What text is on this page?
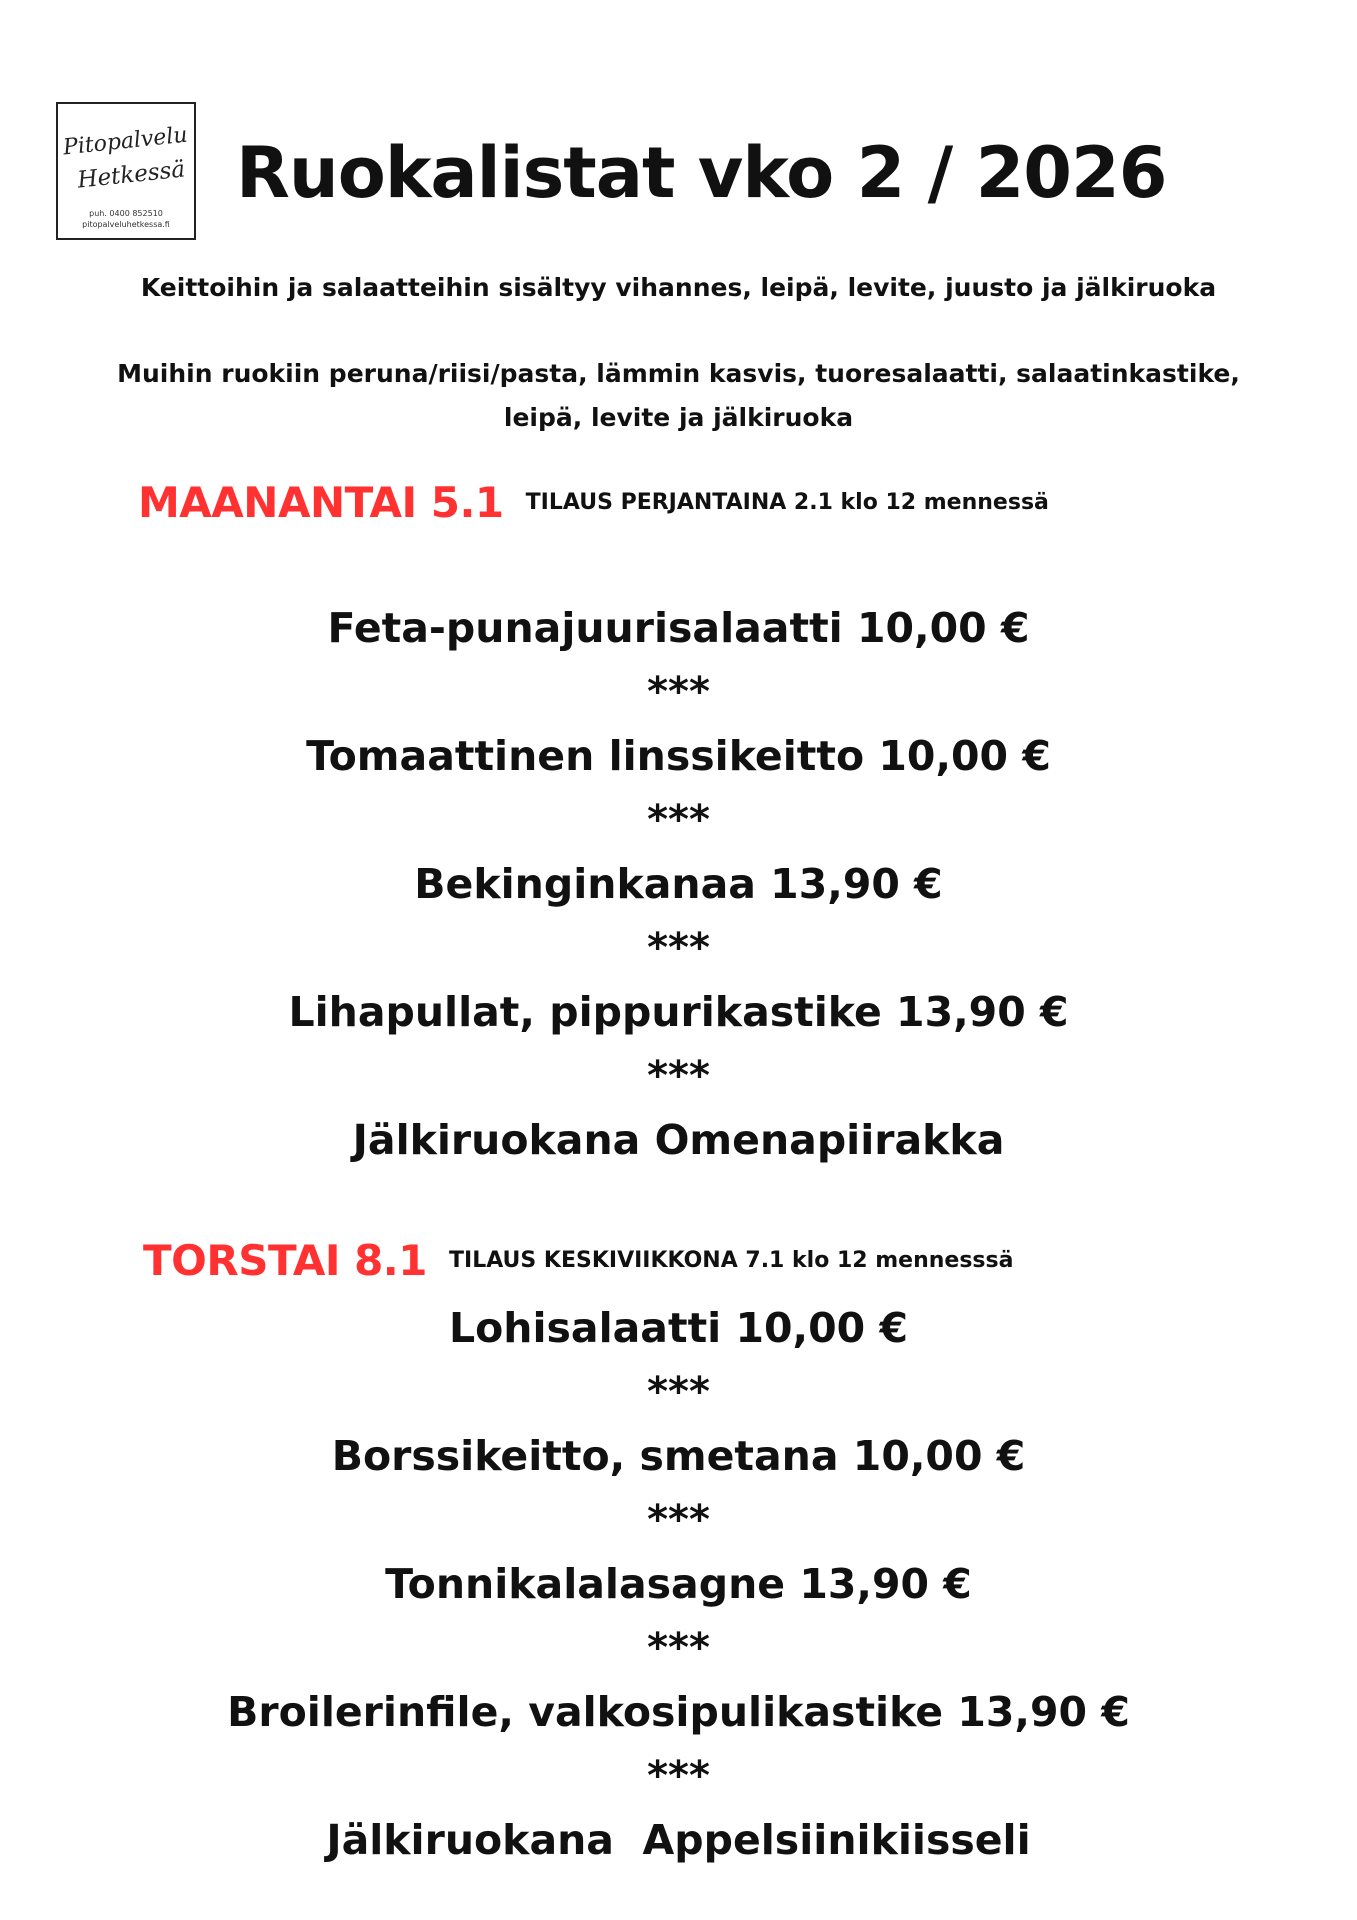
Pitopalvelu
Hetkessä
puh. 0400 852510
pitopalveluhetkessa.fi
Ruokalistat vko 2 / 2026
Keittoihin ja salaatteihin sisältyy vihannes, leipä, levite, juusto ja jälkiruoka
Muihin ruokiin peruna/riisi/pasta, lämmin kasvis, tuoresalaatti, salaatinkastike,
leipä, levite ja jälkiruoka
MAANANTAI 5.1 TILAUS PERJANTAINA 2.1 klo 12 mennessä
Feta-punajuurisalaatti 10,00 €
***
Tomaattinen linssikeitto 10,00 €
***
Bekinginkanaa 13,90 €
***
Lihapullat, pippurikastike 13,90 €
***
Jälkiruokana Omenapiirakka
TORSTAI 8.1 TILAUS KESKIVIIKKONA 7.1 klo 12 mennesssä
Lohisalaatti 10,00 €
***
Borssikeitto, smetana 10,00 €
***
Tonnikalalasagne 13,90 €
***
Broilerinfile, valkosipulikastike 13,90 €
***
Jälkiruokana  Appelsiinikiisseli
